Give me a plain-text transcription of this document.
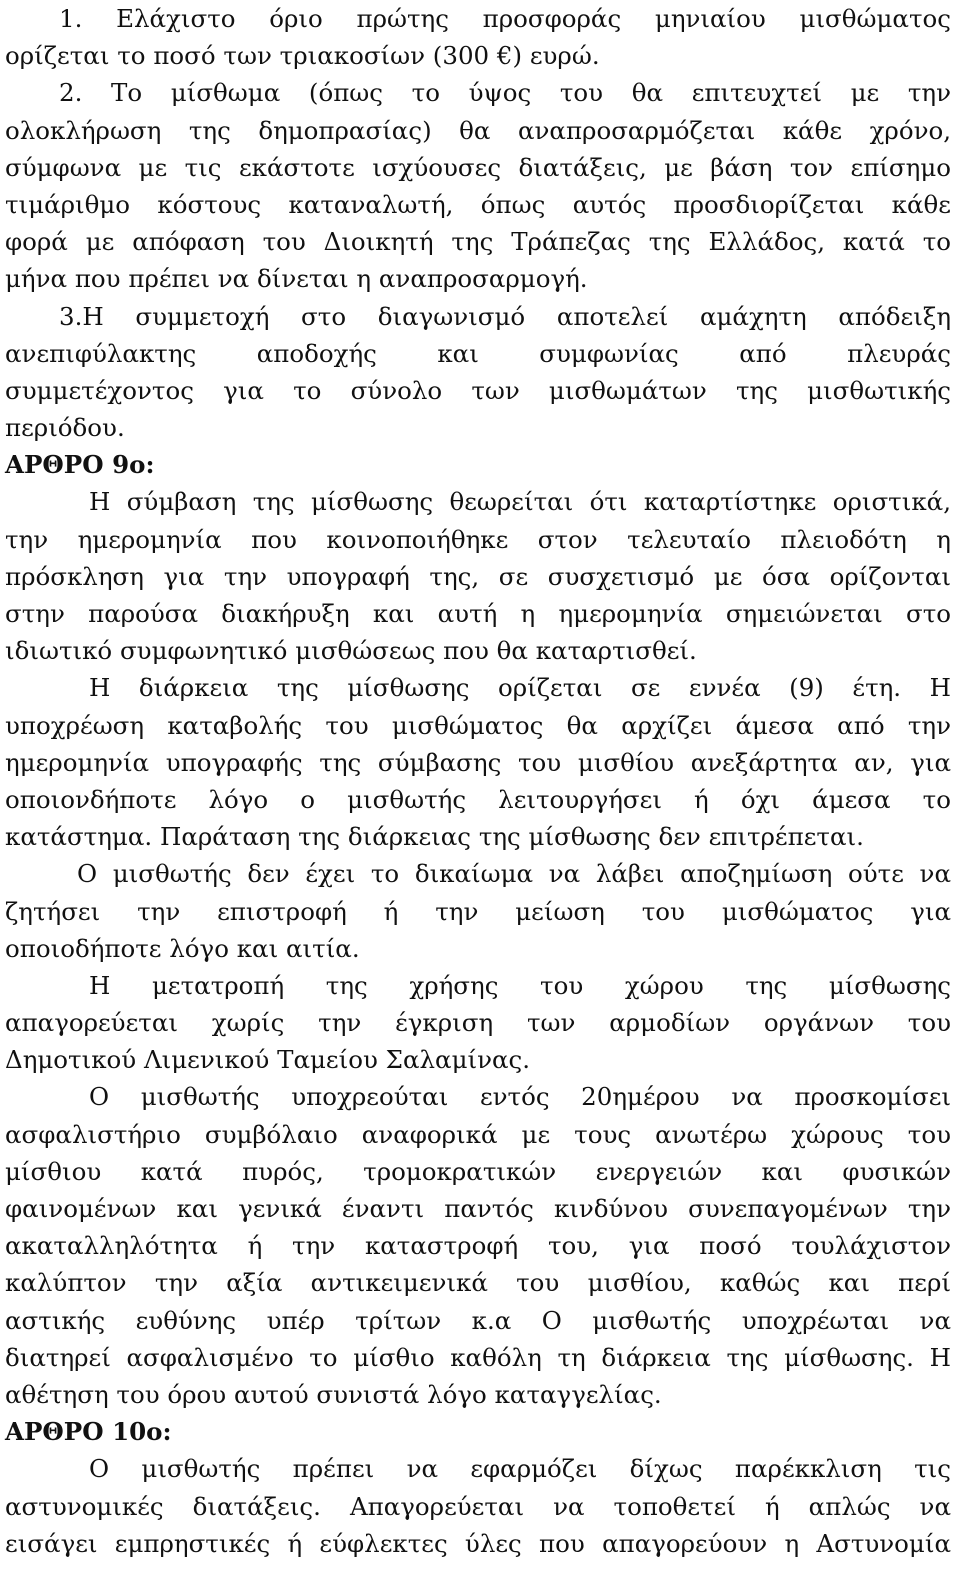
1. Ελάχιστο όριο πρώτης προσφοράς μηνιαίου μισθώματος
ορίζεται το ποσό των τριακοσίων (300 €) ευρώ.
2. Το μίσθωμα (όπως το ύψος του θα επιτευχτεί με την
ολοκλήρωση της δημοπρασίας) θα αναπροσαρμόζεται κάθε χρόνο,
σύμφωνα με τις εκάστοτε ισχύουσες διατάξεις, με βάση τον επίσημο
τιμάριθμο κόστους καταναλωτή, όπως αυτός προσδιορίζεται κάθε
φορά με απόφαση του Διοικητή της Τράπεζας της Ελλάδος, κατά το
μήνα που πρέπει να δίνεται η αναπροσαρμογή.
3.Η συμμετοχή στο διαγωνισμό αποτελεί αμάχητη απόδειξη
ανεπιφύλακτης αποδοχής και συμφωνίας από πλευράς
συμμετέχοντος για το σύνολο των μισθωμάτων της μισθωτικής
περιόδου.
ΑΡΘΡΟ 9ο:
Η σύμβαση της μίσθωσης θεωρείται ότι καταρτίστηκε οριστικά,
την ημερομηνία που κοινοποιήθηκε στον τελευταίο πλειοδότη η
πρόσκληση για την υπογραφή της, σε συσχετισμό με όσα ορίζονται
στην παρούσα διακήρυξη και αυτή η ημερομηνία σημειώνεται στο
ιδιωτικό συμφωνητικό μισθώσεως που θα καταρτισθεί.
Η διάρκεια της μίσθωσης ορίζεται σε εννέα (9) έτη. Η
υποχρέωση καταβολής του μισθώματος θα αρχίζει άμεσα από την
ημερομηνία υπογραφής της σύμβασης του μισθίου ανεξάρτητα αν, για
οποιονδήποτε λόγο ο μισθωτής λειτουργήσει ή όχι άμεσα το
κατάστημα. Παράταση της διάρκειας της μίσθωσης δεν επιτρέπεται.
Ο μισθωτής δεν έχει το δικαίωμα να λάβει αποζημίωση ούτε να
ζητήσει την επιστροφή ή την μείωση του μισθώματος για
οποιοδήποτε λόγο και αιτία.
Η μετατροπή της χρήσης του χώρου της μίσθωσης
απαγορεύεται χωρίς την έγκριση των αρμοδίων οργάνων του
Δημοτικού Λιμενικού Ταμείου Σαλαμίνας.
Ο μισθωτής υποχρεούται εντός 20ημέρου να προσκομίσει
ασφαλιστήριο συμβόλαιο αναφορικά με τους ανωτέρω χώρους του
μίσθιου κατά πυρός, τρομοκρατικών ενεργειών και φυσικών
φαινομένων και γενικά έναντι παντός κινδύνου συνεπαγομένων την
ακαταλληλότητα ή την καταστροφή του, για ποσό τουλάχιστον
καλύπτον την αξία αντικειμενικά του μισθίου, καθώς και περί
αστικής ευθύνης υπέρ τρίτων κ.α Ο μισθωτής υποχρέωται να
διατηρεί ασφαλισμένο το μίσθιο καθόλη τη διάρκεια της μίσθωσης. Η
αθέτηση του όρου αυτού συνιστά λόγο καταγγελίας.
ΑΡΘΡΟ 10ο:
Ο μισθωτής πρέπει να εφαρμόζει δίχως παρέκκλιση τις
αστυνομικές διατάξεις. Απαγορεύεται να τοποθετεί ή απλώς να
εισάγει εμπρηστικές ή εύφλεκτες ύλες που απαγορεύουν η Αστυνομία
